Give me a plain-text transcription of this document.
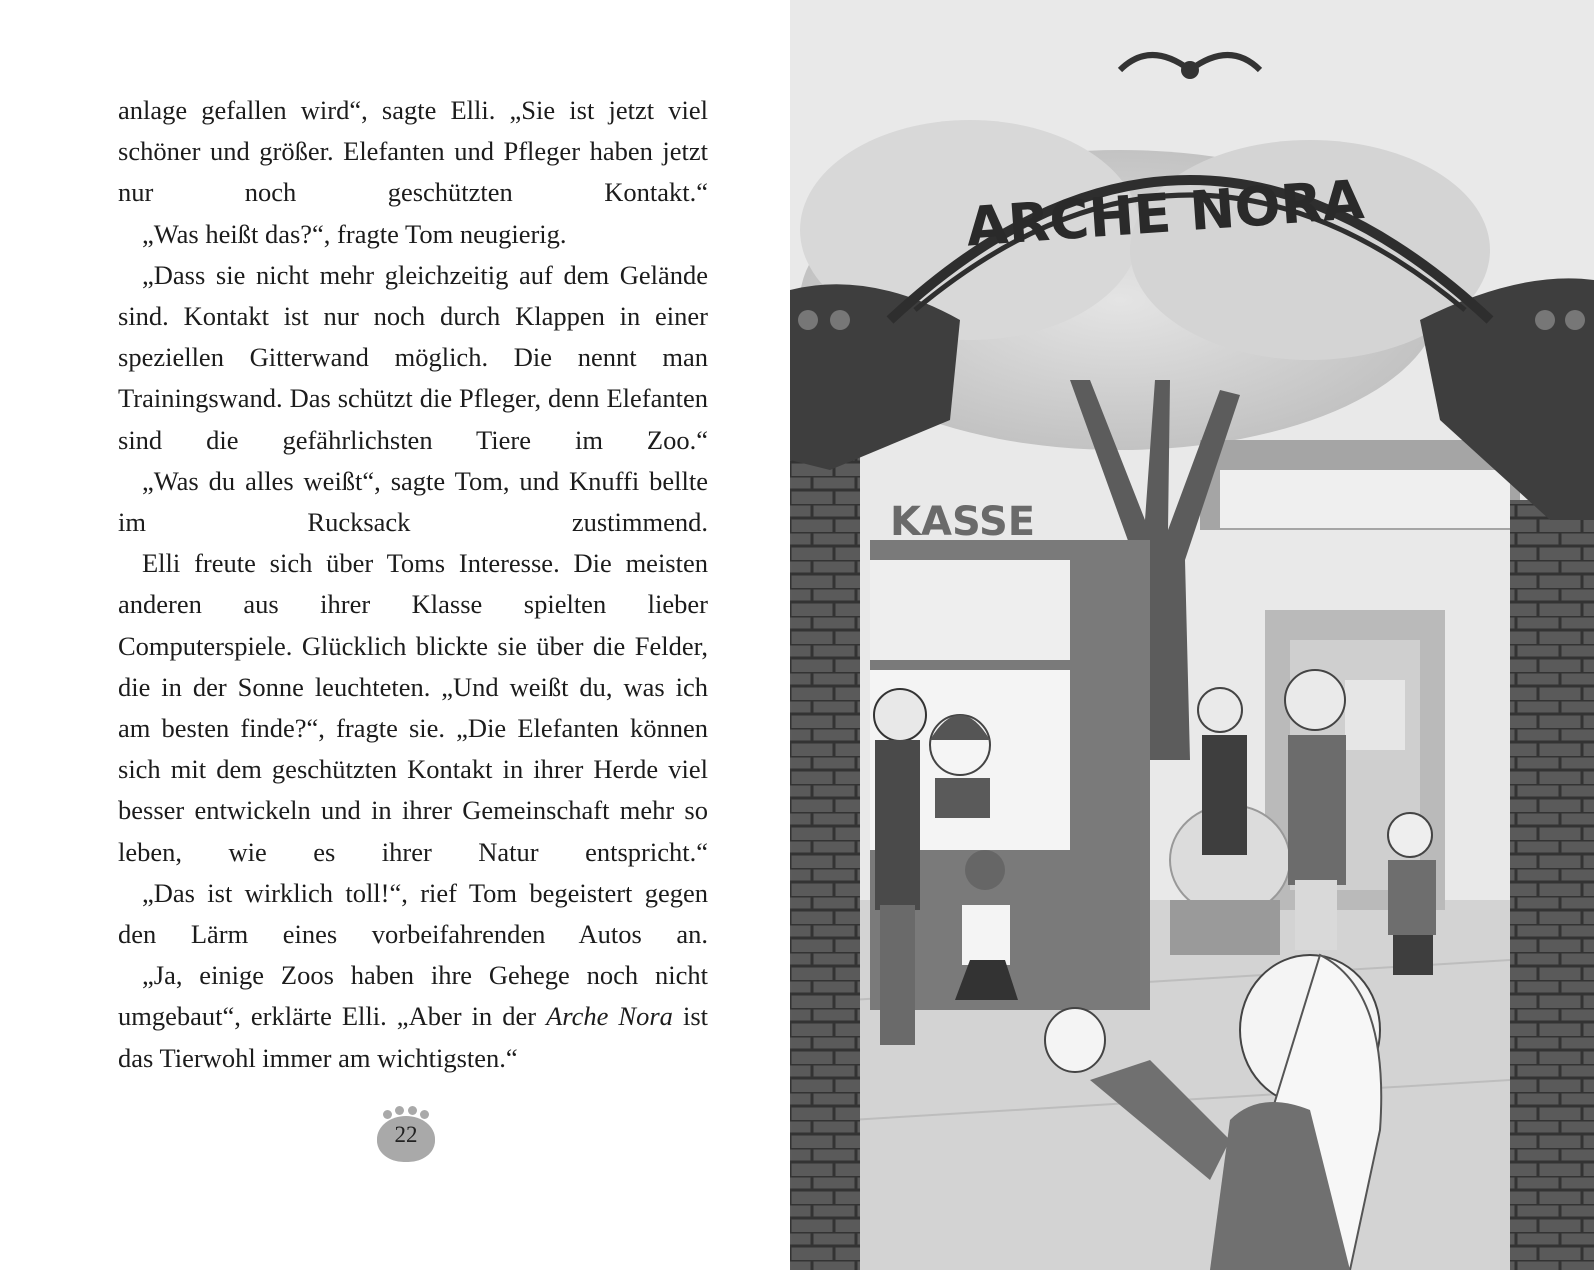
anlage gefallen wird“, sagte Elli. „Sie ist jetzt viel schöner und größer. Elefanten und Pfleger haben jetzt nur noch geschützten Kontakt.“

„Was heißt das?“, fragte Tom neugierig.

„Dass sie nicht mehr gleichzeitig auf dem Gelände sind. Kontakt ist nur noch durch Klappen in einer speziellen Gitterwand möglich. Die nennt man Trainingswand. Das schützt die Pfleger, denn Elefanten sind die gefährlichsten Tiere im Zoo.“

„Was du alles weißt“, sagte Tom, und Knuffi bellte im Rucksack zustimmend.

Elli freute sich über Toms Interesse. Die meisten anderen aus ihrer Klasse spielten lieber Computerspiele. Glücklich blickte sie über die Felder, die in der Sonne leuchteten. „Und weißt du, was ich am besten finde?“, fragte sie. „Die Elefanten können sich mit dem geschützten Kontakt in ihrer Herde viel besser entwickeln und in ihrer Gemeinschaft mehr so leben, wie es ihrer Natur entspricht.“

„Das ist wirklich toll!“, rief Tom begeistert gegen den Lärm eines vorbeifahrenden Autos an.

„Ja, einige Zoos haben ihre Gehege noch nicht umgebaut“, erklärte Elli. „Aber in der Arche Nora ist das Tierwohl immer am wichtigsten.“

22
KASSE
ARCHE NORA
